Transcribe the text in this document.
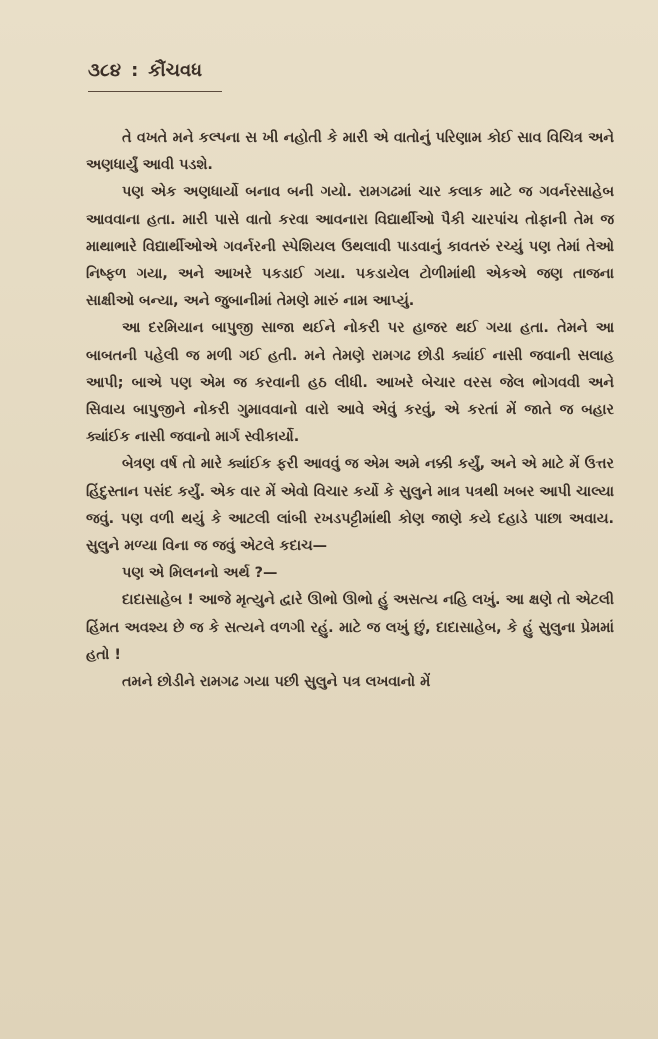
૩૮૪ : કૌંચવધ

તે વખતે મને કલ્પના સ ખી નહોતી કે મારી એ વાતોનું પરિણામ કોઈ સાવ વિચિત્ર અને અણધાર્યું આવી પડશે.

પણ એક અણધાર્યો બનાવ બની ગયો. રામગઢમાં ચાર કલાક માટે જ ગવર્નરસાહેબ આવવાના હતા. મારી પાસે વાતો કરવા આવનારા વિદ્યાર્થીઓ પૈકી ચારપાંચ તોફાની તેમ જ માથાભારે વિદ્યાર્થીઓએ ગવર્નરની સ્પેશિયલ ઉથલાવી પાડવાનું કાવતરું રચ્યું પણ તેમાં તેઓ નિષ્ફળ ગયા, અને આખરે પકડાઈ ગયા. પકડાયેલ ટોળીમાંથી એકએ જણ તાજના સાક્ષીઓ બન્યા, અને જુબાનીમાં તેમણે મારું નામ આપ્યું.

આ દરમિયાન બાપુજી સાજા થઈને નોકરી પર હાજર થઈ ગયા હતા. તેમને આ બાબતની પહેલી જ મળી ગઈ હતી. મને તેમણે રામગઢ છોડી ક્યાંઈ નાસી જવાની સલાહ આપી; બાએ પણ એમ જ કરવાની હઠ લીધી. આખરે બેચાર વરસ જેલ ભોગવવી અને સિવાય બાપુજીને નોકરી ગુમાવવાનો વારો આવે એવું કરવું, એ કરતાં મેં જાતે જ બહાર ક્યાંઈક નાસી જવાનો માર્ગ સ્વીકાર્યો.

બેત્રણ વર્ષ તો મારે ક્યાંઈક ફરી આવવું જ એમ અમે નક્કી કર્યું, અને એ માટે મેં ઉત્તર હિંદુસ્તાન પસંદ કર્યું. એક વાર મેં એવો વિચાર કર્યો કે સુલુને માત્ર પત્રથી ખબર આપી ચાલ્યા જવું. પણ વળી થયું કે આટલી લાંબી રખડપટ્ટીમાંથી કોણ જાણે કયે દહાડે પાછા અવાય. સુલુને મળ્યા વિના જ જવું એટલે કદાચ—

પણ એ મિલનનો અર્થ ?—

દાદાસાહેબ ! આજે મૃત્યુને દ્વારે ઊભો ઊભો હું અસત્ય નહિ લખું. આ ક્ષણે તો એટલી હિંમત અવશ્ય છે જ કે સત્યને વળગી રહું. માટે જ લખું છું, દાદાસાહેબ, કે હું સુલુના પ્રેમમાં હતો !

તમને છોડીને રામગઢ ગયા પછી સુલુને પત્ર લખવાનો મેં
